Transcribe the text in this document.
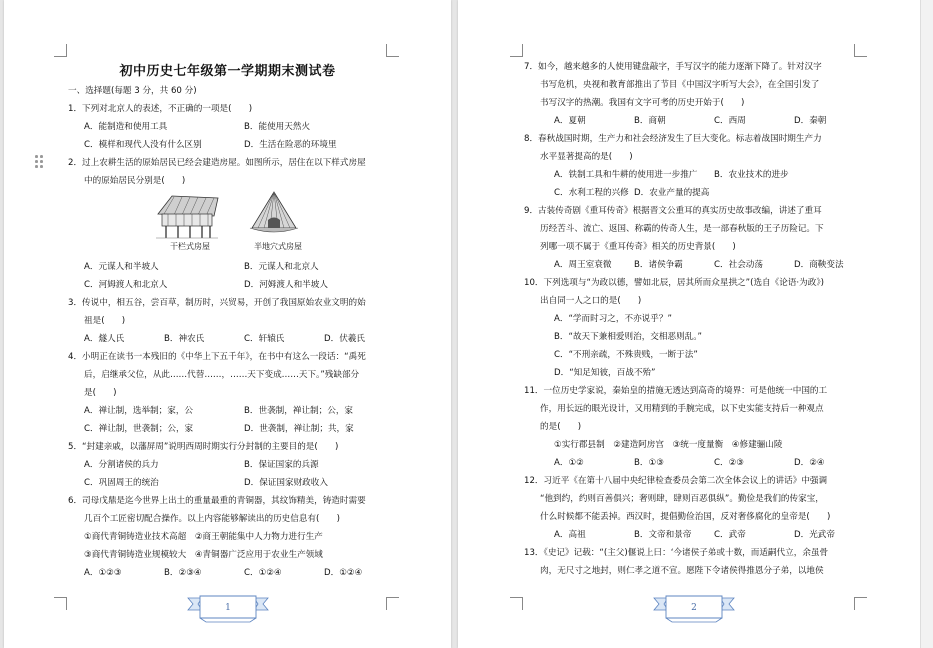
初中历史七年级第一学期期末测试卷
一、选择题(每题 3 分，共 60 分)
1．下列对北京人的表述，不正确的一项是(　　)
A．能制造和使用工具	B．能使用天然火
C．模样和现代人没有什么区别	D．生活在险恶的环境里
2．过上农耕生活的原始居民已经会建造房屋。如图所示，居住在以下样式房屋
中的原始居民分别是(　　)
干栏式房屋	半地穴式房屋
A．元谋人和半坡人	B．元谋人和北京人
C．河姆渡人和北京人	D．河姆渡人和半坡人
3．传说中，相五谷，尝百草，制历时，兴贸易，开创了我国原始农业文明的始
祖是(　　)
A．燧人氏	B．神农氏	C．轩辕氏	D．伏羲氏
4．小明正在读书一本残旧的《中华上下五千年》，在书中有这么一段话：“禹死
后，启继承父位，从此……代替……，……天下变成……天下。”残缺部分
是(　　)
A．禅让制，选举制；家，公	B．世袭制，禅让制；公，家
C．禅让制，世袭制；公，家	D．世袭制，禅让制；共，家
5．“封建亲戚，以藩屏周”说明西周时期实行分封制的主要目的是(　　)
A．分割诸侯的兵力	B．保证国家的兵源
C．巩固周王的统治	D．保证国家财政收入
6．司母戊鼎是迄今世界上出土的重量最重的青铜器，其纹饰精美，铸造时需要
几百个工匠密切配合操作。以上内容能够解读出的历史信息有(　　)
①商代青铜铸造业技术高超　②商王朝能集中人力物力进行生产
③商代青铜铸造业规模较大　④青铜器广泛应用于农业生产领域
A．①②③	B．②③④	C．①②④	D．①②④
1
7．如今，越来越多的人使用键盘敲字，手写汉字的能力逐渐下降了。针对汉字
书写危机，央视和教育部推出了节目《中国汉字听写大会》，在全国引发了
书写汉字的热潮。我国有文字可考的历史开始于(　　)
A．夏朝	B．商朝	C．西周	D．秦朝
8．春秋战国时期，生产力和社会经济发生了巨大变化。标志着战国时期生产力
水平显著提高的是(　　)
A．铁制工具和牛耕的使用进一步推广 B．农业技术的进步
C．水利工程的兴修 D．农业产量的提高
9．古装传奇剧《重耳传奇》根据晋文公重耳的真实历史故事改编，讲述了重耳
历经苦斗、流亡、返国、称霸的传奇人生，是一部春秋版的王子历险记。下
列哪一项不属于《重耳传奇》相关的历史背景(　　)
A．周王室衰微	B．诸侯争霸	C．社会动荡	D．商鞅变法
10．下列选项与“为政以德，譬如北辰，居其所而众星拱之”(选自《论语·为政》)
出自同一人之口的是(　　)
A．“学而时习之，不亦说乎？”
B．“故天下兼相爱则治，交相恶则乱。”
C．“不刑亲疏，不殊贵贱，一断于法”
D．“知足知彼，百战不殆”
11．一位历史学家说，秦始皇的措施无透达到高奇的境界：可是他统一中国的工
作，用长远的眼光设计，又用精到的手腕完成，以下史实能支持后一种观点
的是(　　)
①实行郡县制　②建造阿房宫　③统一度量衡　④修建骊山陵
A．①②	B．①③	C．②③	D．②④
12．习近平《在第十八届中央纪律检查委员会第二次全体会议上的讲话》中强调
“他到约，约则百善俱兴；奢则肆，肆则百恶俱纵”。勤俭是我们的传家宝，
什么时候都不能丢掉。西汉时，提倡勤俭治国，反对奢侈腐化的皇帝是(　　)
A．高祖	B．文帝和景帝	C．武帝	D．光武帝
13．《史记》记载：“(主父)偃说上曰：‘今诸侯子弟或十数，而适嗣代立，余虽骨
肉，无尺寸之地封，则仁孝之道不宣。愿陛下令诸侯得推恩分子弟，以地侯
2
